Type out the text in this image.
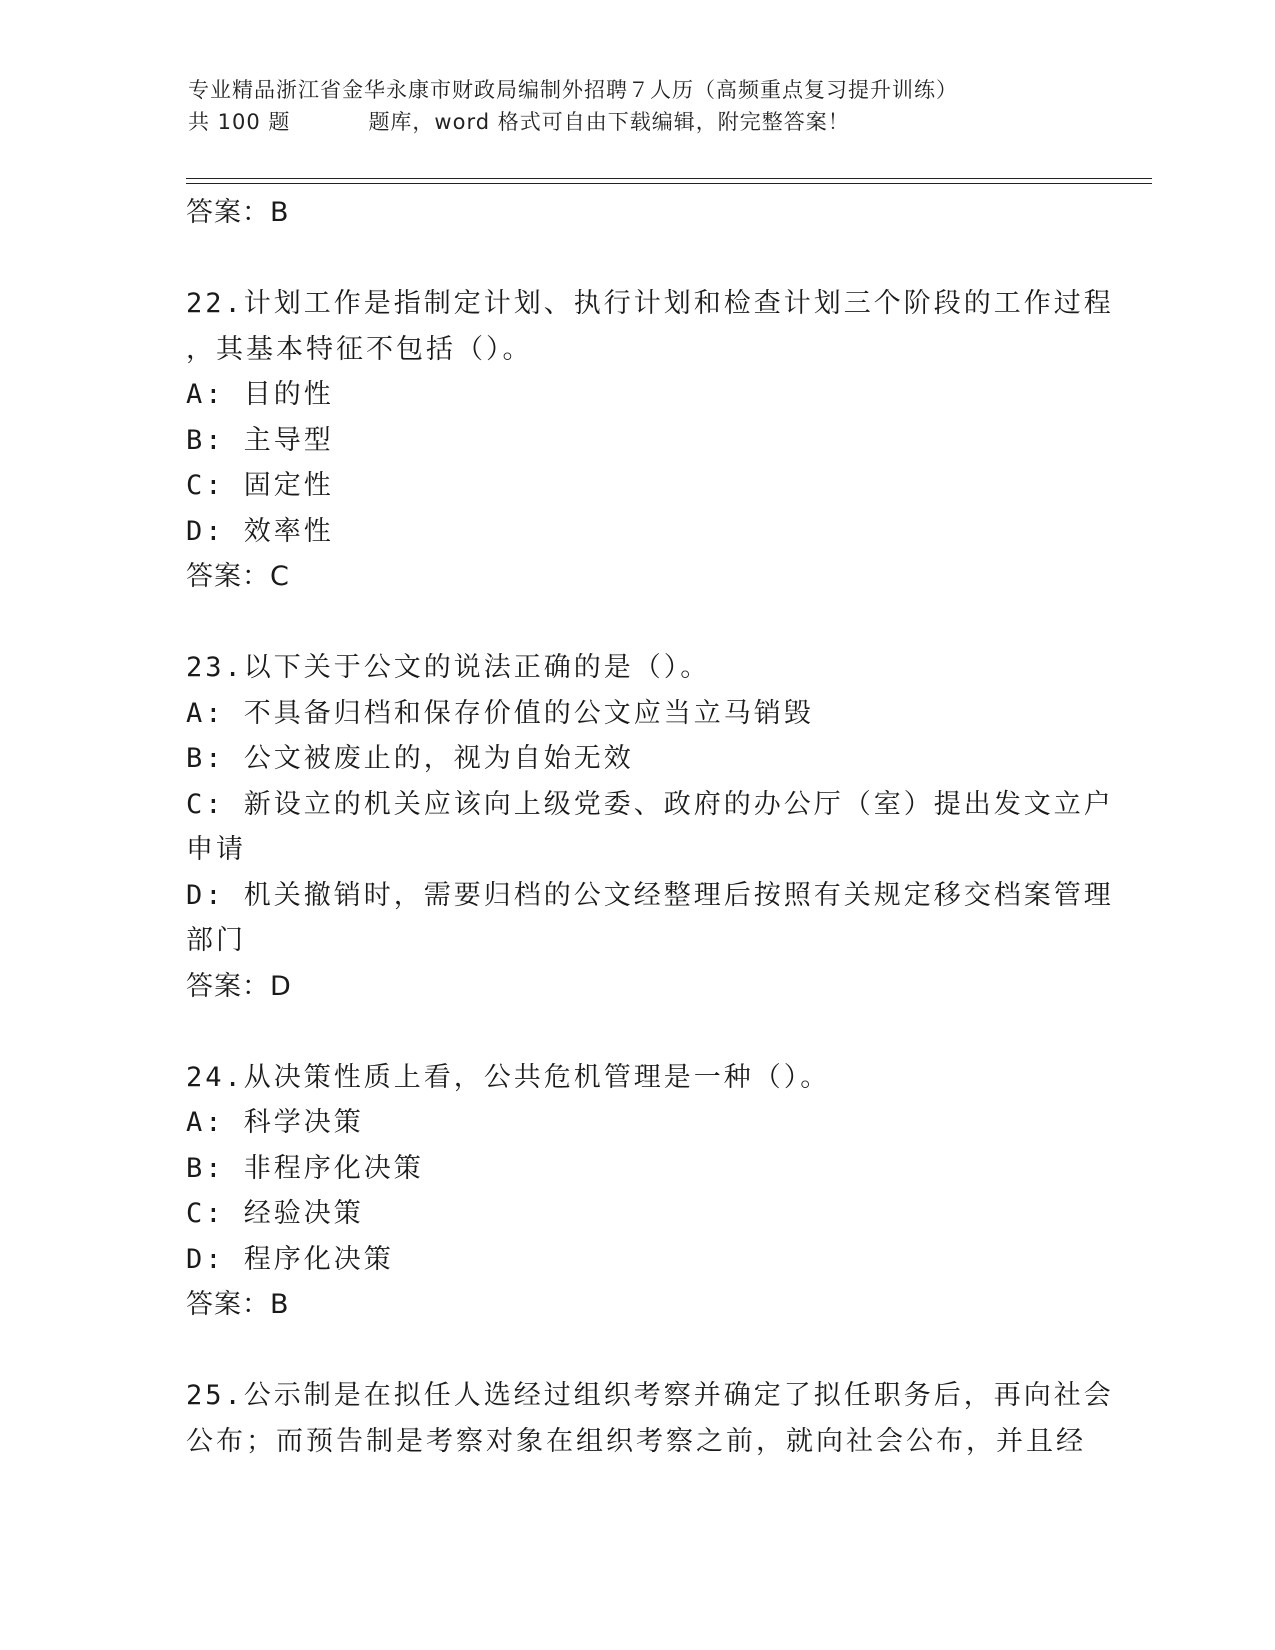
专业精品浙江省金华永康市财政局编制外招聘７人历（高频重点复习提升训练）
共 100 题	题库，word 格式可自由下载编辑，附完整答案！
答案：B
22.计划工作是指制定计划、执行计划和检查计划三个阶段的工作过程
，其基本特征不包括（）。
A: 目的性
B: 主导型
C: 固定性
D: 效率性
答案：C
23.以下关于公文的说法正确的是（）。
A: 不具备归档和保存价值的公文应当立马销毁
B: 公文被废止的，视为自始无效
C: 新设立的机关应该向上级党委、政府的办公厅（室）提出发文立户
申请
D: 机关撤销时，需要归档的公文经整理后按照有关规定移交档案管理
部门
答案：D
24.从决策性质上看，公共危机管理是一种（）。
A: 科学决策
B: 非程序化决策
C: 经验决策
D: 程序化决策
答案：B
25.公示制是在拟任人选经过组织考察并确定了拟任职务后，再向社会
公布；而预告制是考察对象在组织考察之前，就向社会公布，并且经
